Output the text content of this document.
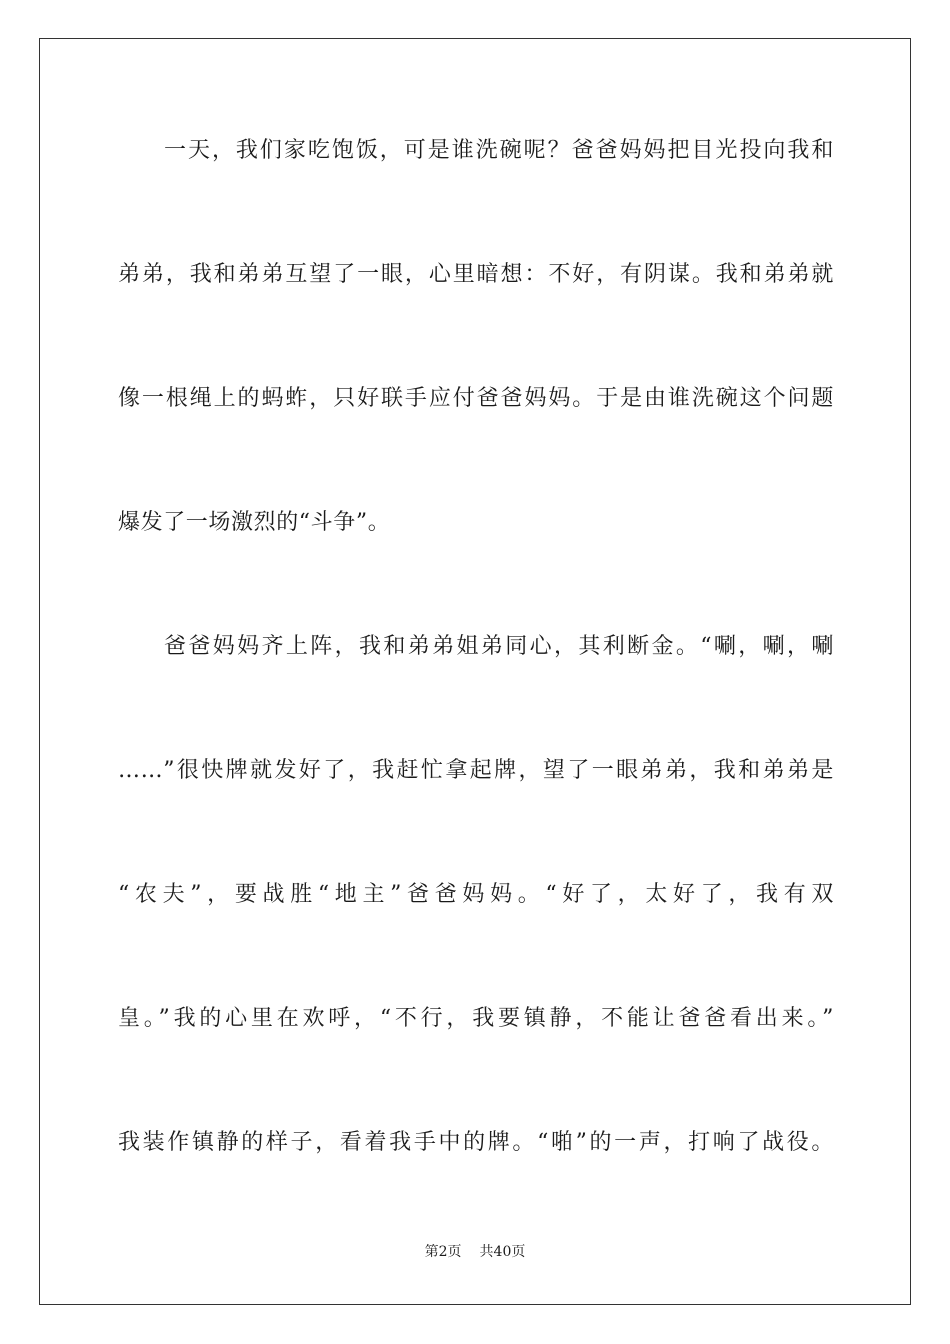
一天，我们家吃饱饭，可是谁洗碗呢？爸爸妈妈把目光投向我和
弟弟，我和弟弟互望了一眼，心里暗想：不好，有阴谋。我和弟弟就
像一根绳上的蚂蚱，只好联手应付爸爸妈妈。于是由谁洗碗这个问题
爆发了一场激烈的“斗争”。
爸爸妈妈齐上阵，我和弟弟姐弟同心，其利断金。“唰，唰，唰
……”很快牌就发好了，我赶忙拿起牌，望了一眼弟弟，我和弟弟是
“农夫”，要战胜“地主”爸爸妈妈。“好了，太好了，我有双
皇。”我的心里在欢呼，“不行，我要镇静，不能让爸爸看出来。”
我装作镇静的样子，看着我手中的牌。“啪”的一声，打响了战役。
第2页 共40页
